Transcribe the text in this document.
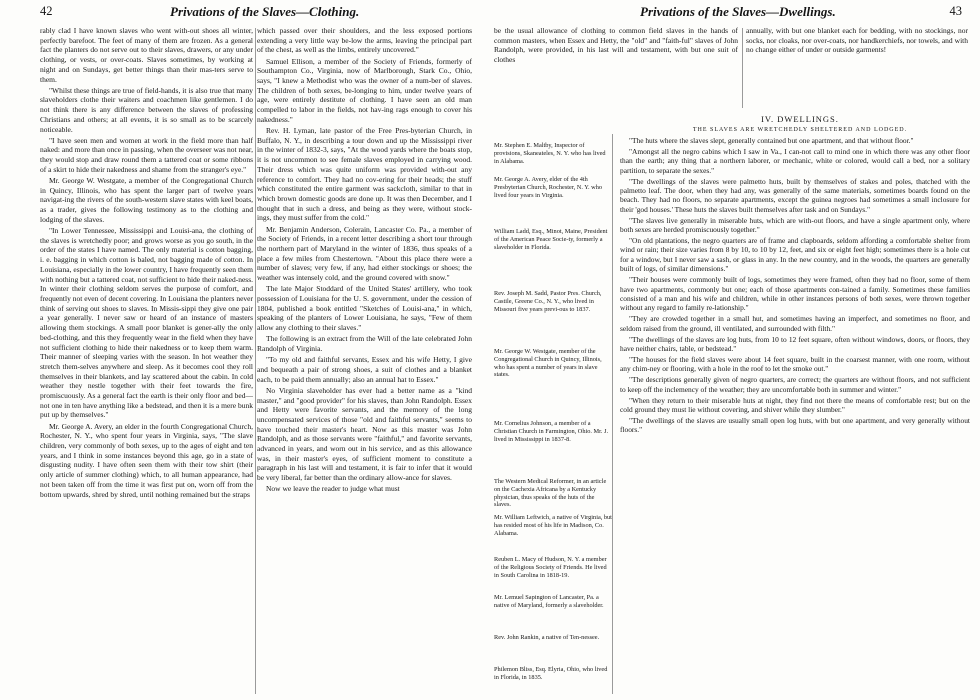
42	Privations of the Slaves—Clothing.

rably clad I have known slaves who went with-out shoes all winter, perfectly barefoot. The feet of many of them are frozen. As a general fact the planters do not serve out to their slaves, drawers, or any under clothing, or vests, or over-coats. Slaves sometimes, by working at night and on Sundays, get better things than their mas-ters serve to them.

"Whilst these things are true of field-hands, it is also true that many slaveholders clothe their waiters and coachmen like gentlemen. I do not think there is any difference between the slaves of professing Christians and others; at all events, it is so small as to be scarcely noticeable.

"I have seen men and women at work in the field more than half naked: and more than once in passing, when the overseer was not near, they would stop and draw round them a tattered coat or some ribbons of a skirt to hide their nakedness and shame from the stranger's eye."

Mr. George W. Westgate, a member of the Congregational Church in Quincy, Illinois, who has spent the larger part of twelve years navigat-ing the rivers of the south-western slave states with keel boats, as a trader, gives the following testimony as to the clothing and lodging of the slaves.

"In Lower Tennessee, Mississippi and Louisi-ana, the clothing of the slaves is wretchedly poor; and grows worse as you go south, in the order of the states I have named. The only material is cotton bagging, i. e. bagging in which cotton is baled, not bagging made of cotton. In Louisiana, especially in the lower country, I have frequently seen them with nothing but a tattered coat, not sufficient to hide their naked-ness. In winter their clothing seldom serves the purpose of comfort, and frequently not even of decent covering. In Louisiana the planters never think of serving out shoes to slaves. In Missis-sippi they give one pair a year generally. I never saw or heard of an instance of masters allowing them stockings. A small poor blanket is gener-ally the only bed-clothing, and this they frequently wear in the field when they have not sufficient clothing to hide their nakedness or to keep them warm. Their manner of sleeping varies with the season. In hot weather they stretch them-selves anywhere and sleep. As it becomes cool they roll themselves in their blankets, and lay scattered about the cabin. In cold weather they nestle together with their feet towards the fire, promiscuously. As a general fact the earth is their only floor and bed—not one in ten have anything like a bedstead, and then it is a mere bunk put up by themselves."

Mr. George A. Avery, an elder in the fourth Congregational Church, Rochester, N. Y., who spent four years in Virginia, says, "The slave children, very commonly of both sexes, up to the ages of eight and ten years, and I think in some instances beyond this age, go in a state of disgusting nudity. I have often seen them with their tow shirt (their only article of summer clothing) which, to all human appearance, had not been taken off from the time it was first put on, worn off from the bottom upwards, shred by shred, until nothing remained but the straps

which passed over their shoulders, and the less exposed portions extending a very little way be-low the arms, leaving the principal part of the chest, as well as the limbs, entirely uncovered."

Samuel Ellison, a member of the Society of Friends, formerly of Southampton Co., Virginia, now of Marlborough, Stark Co., Ohio, says, "I knew a Methodist who was the owner of a num-ber of slaves. The children of both sexes, be-longing to him, under twelve years of age, were entirely destitute of clothing. I have seen an old man compelled to labor in the fields, not hav-ing rags enough to cover his nakedness."

Rev. H. Lyman, late pastor of the Free Pres-byterian Church, in Buffalo, N. Y., in describing a tour down and up the Mississippi river in the winter of 1832-3, says, "At the wood yards where the boats stop, it is not uncommon to see female slaves employed in carrying wood. Their dress which was quite uniform was provided with-out any reference to comfort. They had no cov-ering for their heads; the stuff which constituted the entire garment was sackcloth, similar to that in which brown domestic goods are done up. It was then December, and I thought that in such a dress, and being as they were, without stock-ings, they must suffer from the cold."

Mr. Benjamin Anderson, Colerain, Lancaster Co. Pa., a member of the Society of Friends, in a recent letter describing a short tour through the northern part of Maryland in the winter of 1836, thus speaks of a place a few miles from Chestertown. "About this place there were a number of slaves; very few, if any, had either stockings or shoes; the weather was intensely cold, and the ground covered with snow."

The late Major Stoddard of the United States' artillery, who took possession of Louisiana for the U. S. government, under the cession of 1804, published a book entitled "Sketches of Louisi-ana," in which, speaking of the planters of Lower Louisiana, he says, "Few of them allow any clothing to their slaves."

The following is an extract from the Will of the late celebrated John Randolph of Virginia.

"To my old and faithful servants, Essex and his wife Hetty, I give and bequeath a pair of strong shoes, a suit of clothes and a blanket each, to be paid them annually; also an annual hat to Essex."

No Virginia slaveholder has ever had a better name as a "kind master," and "good provider" for his slaves, than John Randolph. Essex and Hetty were favorite servants, and the memory of the long uncompensated services of those "old and faithful servants," seems to have touched their master's heart. Now as this master was John Randolph, and as those servants were "faithful," and favorite servants, advanced in years, and worn out in his service, and as this allowance was, in their master's eyes, of sufficient moment to constitute a paragraph in his last will and testament, it is fair to infer that it would be very liberal, far better than the ordinary allow-ance for slaves.

Now we leave the reader to judge what must

Privations of the Slaves—Dwellings.	43

be the usual allowance of clothing to common field slaves in the hands of common masters, when Essex and Hetty, the "old" and "faith-ful" slaves of John Randolph, were provided, in his last will and testament, with but one suit of clothes

annually, with but one blanket each for bedding, with no stockings, nor socks, nor cloaks, nor over-coats, nor handkerchiefs, nor towels, and with no change either of under or outside garments!

IV. DWELLINGS.
THE SLAVES ARE WRETCHEDLY SHELTERED AND LODGED.
Mr. Stephen E. Maltby, Inspector of provisions, Skaneateles, N. Y. who has lived in Alabama.
Mr. George A. Avery, elder of the 4th Presbyterian Church, Rochester, N. Y. who lived four years in Virginia.
William Ladd, Esq., Minot, Maine, President of the American Peace Socie-ty, formerly a slaveholder in Florida.
Rev. Joseph M. Sadd, Pastor Pres. Church, Castile, Greene Co., N. Y., who lived in Missouri five years previ-ous to 1837.
Mr. George W. Westgate, member of the Congregational Church in Quincy, Illinois, who has spent a number of years in slave states.
Mr. Cornelius Johnson, a member of a Christian Church in Farmington, Ohio. Mr. J. lived in Mississippi in 1837-8.
The Western Medical Reformer, in an article on the Cachexia Africana by a Kentucky physician, thus speaks of the huts of the slaves.
Mr. William Leftwich, a native of Virginia, but has resided most of his life in Madison, Co. Alabama.
Reuben L. Macy of Hudson, N. Y. a member of the Religious Society of Friends. He lived in South Carolina in 1818-19.
Mr. Lemuel Sapington of Lancaster, Pa. a native of Maryland, formerly a slaveholder.
Rev. John Rankin, a native of Ten-nessee.
Philemon Bliss, Esq. Elyria, Ohio, who lived in Florida, in 1835.

"The huts where the slaves slept, generally contained but one apartment, and that without floor."

"Amongst all the negro cabins which I saw in Va., I can-not call to mind one in which there was any other floor than the earth; any thing that a northern laborer, or mechanic, white or colored, would call a bed, nor a solitary partition, to separate the sexes."

"The dwellings of the slaves were palmetto huts, built by themselves of stakes and poles, thatched with the palmetto leaf. The door, when they had any, was generally of the same materials, sometimes boards found on the beach. They had no floors, no separate apartments, except the guinea negroes had sometimes a small inclosure for their 'god houses.' These huts the slaves built themselves after task and on Sundays."

"The slaves live generally in miserable huts, which are with-out floors, and have a single apartment only, where both sexes are herded promiscuously together."

"On old plantations, the negro quarters are of frame and clapboards, seldom affording a comfortable shelter from wind or rain; their size varies from 8 by 10, to 10 by 12, feet, and six or eight feet high; sometimes there is a hole cut for a window, but I never saw a sash, or glass in any. In the new country, and in the woods, the quarters are generally built of logs, of similar dimensions."

"Their houses were commonly built of logs, sometimes they were framed, often they had no floor, some of them have two apartments, commonly but one; each of those apartments con-tained a family. Sometimes these families consisted of a man and his wife and children, while in other instances persons of both sexes, were thrown together without any regard to family re-lationship."

"They are crowded together in a small hut, and sometimes having an imperfect, and sometimes no floor, and seldom raised from the ground, ill ventilated, and surrounded with filth."

"The dwellings of the slaves are log huts, from 10 to 12 feet square, often without windows, doors, or floors, they have neither chairs, table, or bedstead."

"The houses for the field slaves were about 14 feet square, built in the coarsest manner, with one room, without any chim-ney or flooring, with a hole in the roof to let the smoke out."

"The descriptions generally given of negro quarters, are correct; the quarters are without floors, and not sufficient to keep off the inclemency of the weather; they are uncomfortable both in summer and winter."

"When they return to their miserable huts at night, they find not there the means of comfortable rest; but on the cold ground they must lie without covering, and shiver while they slumber."

"The dwellings of the slaves are usually small open log huts, with but one apartment, and very generally without floors."
